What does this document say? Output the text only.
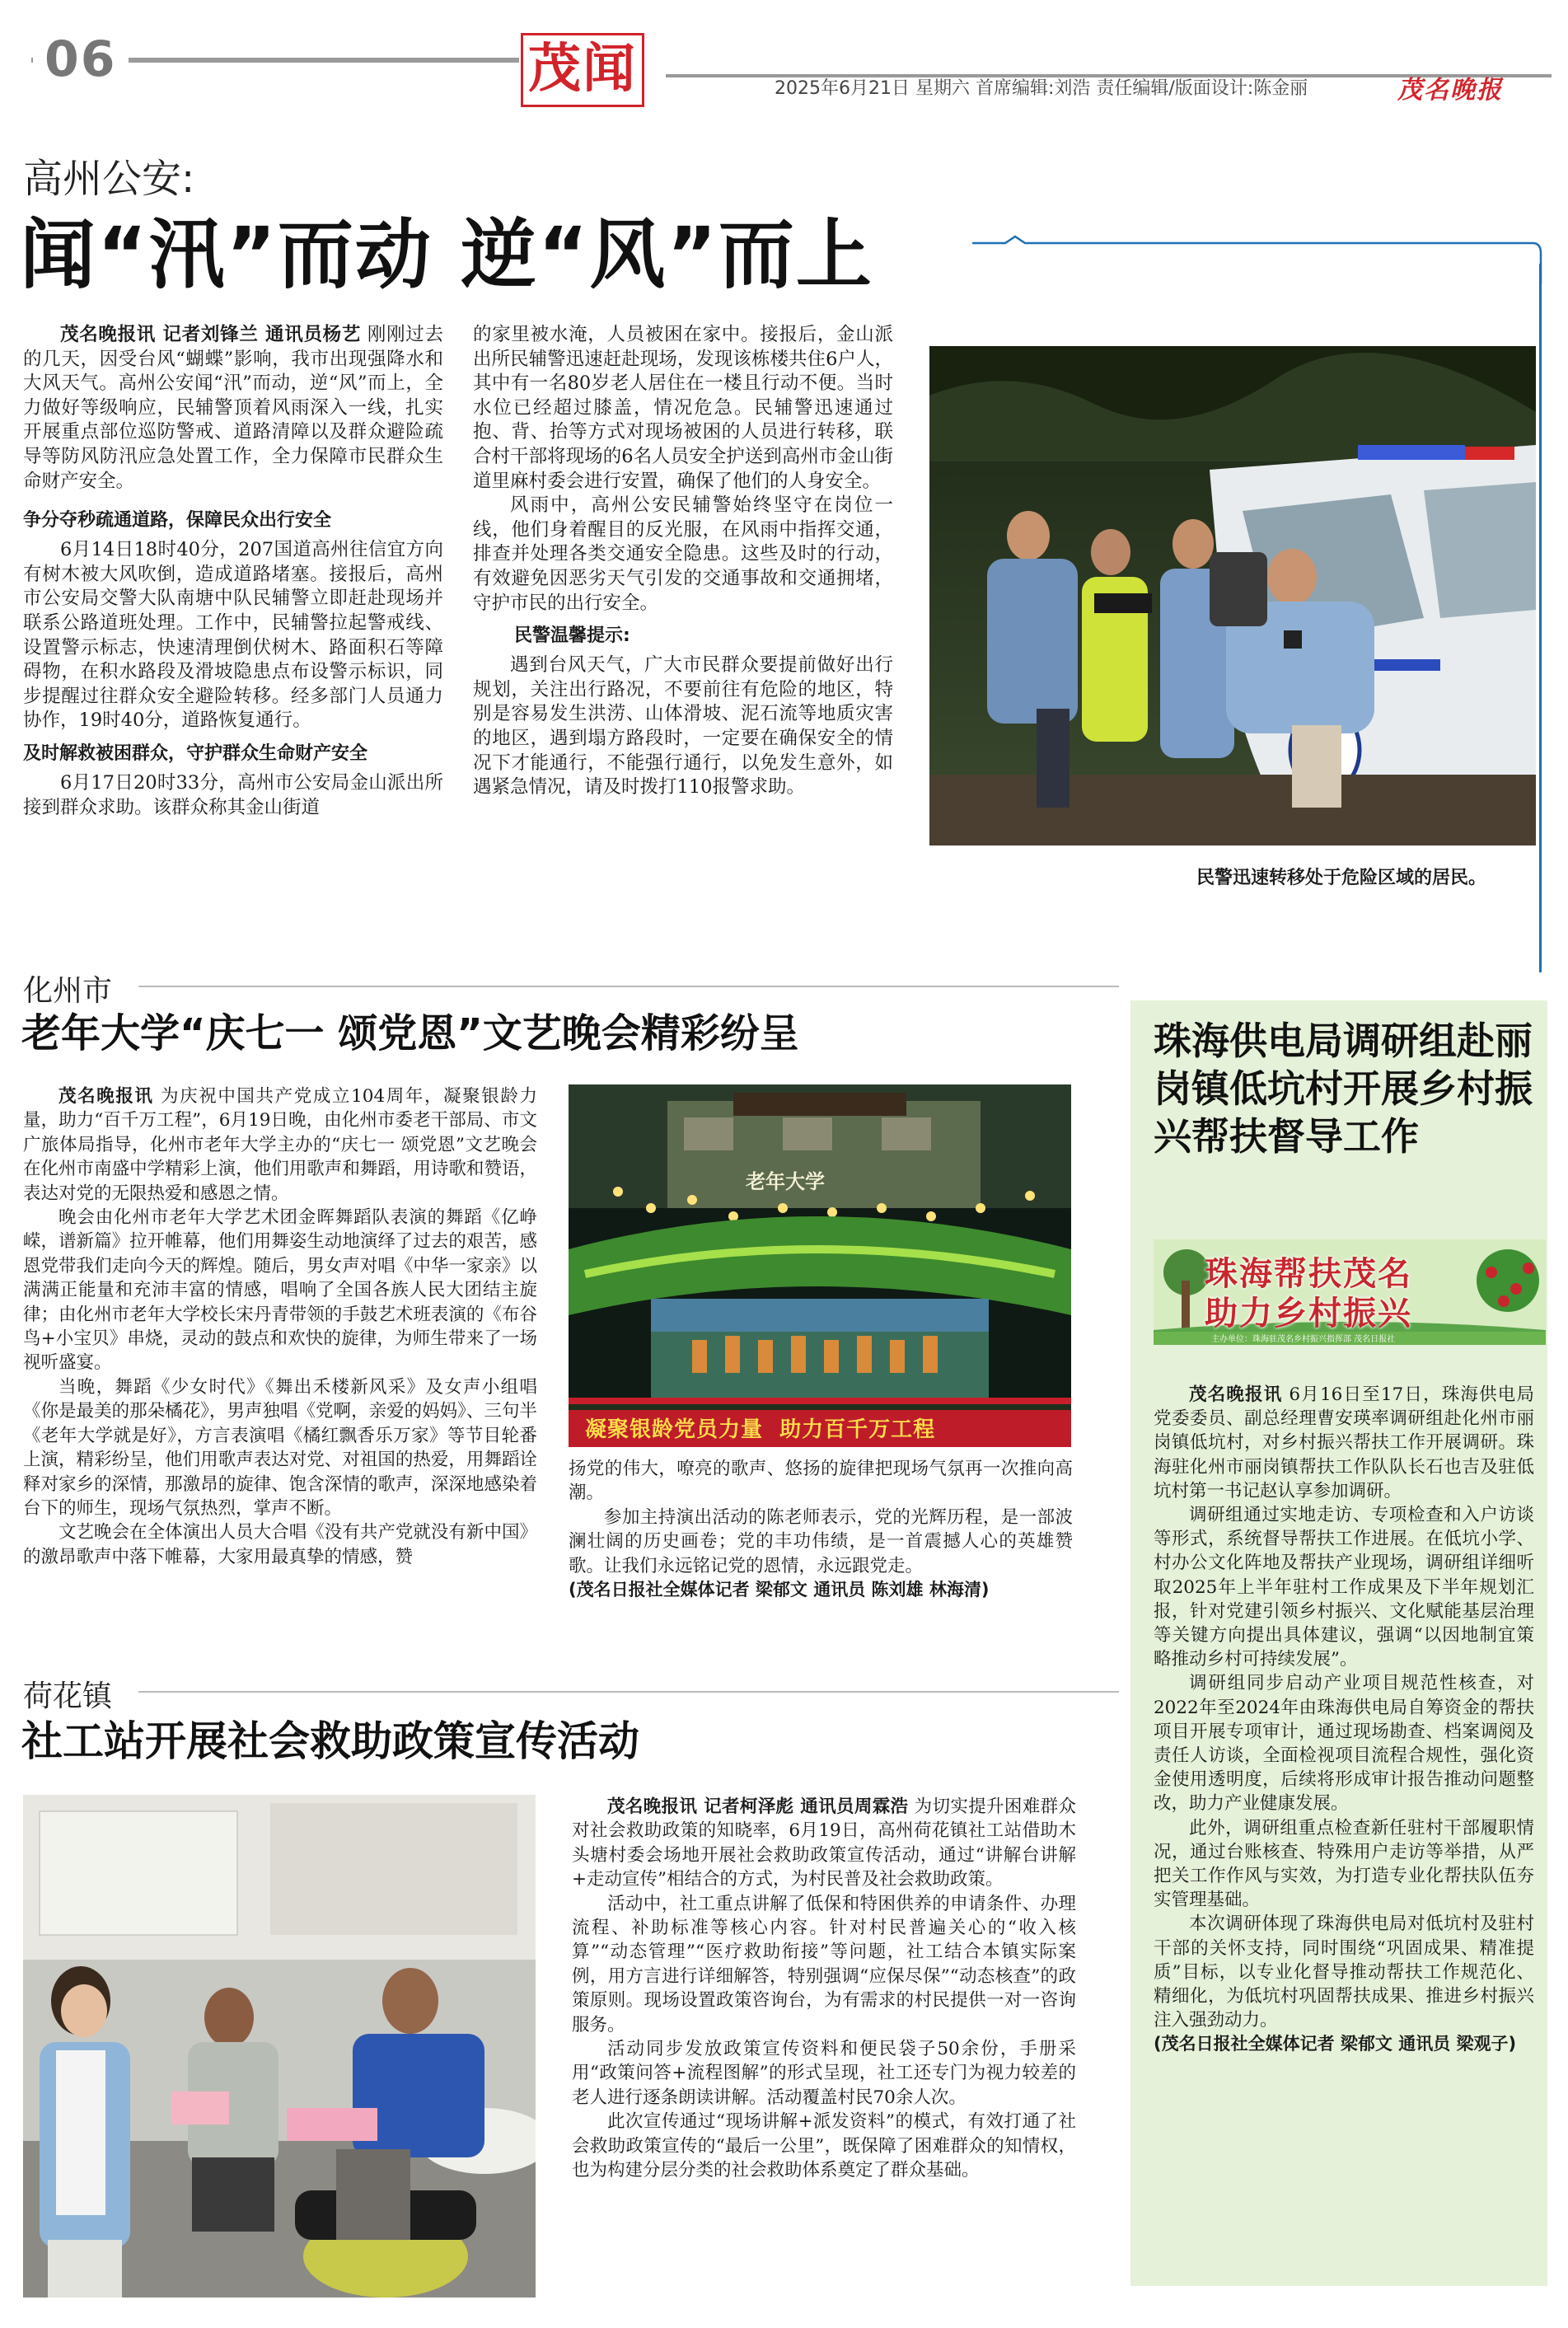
06	茂闻	2025年6月21日 星期六 首席编辑:刘浩 责任编辑/版面设计:陈金丽	茂名晚报
高州公安:
闻“汛”而动 逆“风”而上

茂名晚报讯 记者刘锋兰 通讯员杨艺 刚刚过去的几天，因受台风“蝴蝶”影响，我市出现强降水和大风天气。高州公安闻“汛”而动，逆“风”而上，全力做好等级响应，民辅警顶着风雨深入一线，扎实开展重点部位巡防警戒、道路清障以及群众避险疏导等防风防汛应急处置工作，全力保障市民群众生命财产安全。

争分夺秒疏通道路，保障民众出行安全

6月14日18时40分，207国道高州往信宜方向有树木被大风吹倒，造成道路堵塞。接报后，高州市公安局交警大队南塘中队民辅警立即赶赴现场并联系公路道班处理。工作中，民辅警拉起警戒线、设置警示标志，快速清理倒伏树木、路面积石等障碍物，在积水路段及滑坡隐患点布设警示标识，同步提醒过往群众安全避险转移。经多部门人员通力协作，19时40分，道路恢复通行。

及时解救被困群众，守护群众生命财产安全

6月17日20时33分，高州市公安局金山派出所接到群众求助。该群众称其金山街道

的家里被水淹，人员被困在家中。接报后，金山派出所民辅警迅速赶赴现场，发现该栋楼共住6户人，其中有一名80岁老人居住在一楼且行动不便。当时水位已经超过膝盖，情况危急。民辅警迅速通过抱、背、抬等方式对现场被困的人员进行转移，联合村干部将现场的6名人员安全护送到高州市金山街道里麻村委会进行安置，确保了他们的人身安全。

风雨中，高州公安民辅警始终坚守在岗位一线，他们身着醒目的反光服，在风雨中指挥交通，排查并处理各类交通安全隐患。这些及时的行动，有效避免因恶劣天气引发的交通事故和交通拥堵，守护市民的出行安全。

民警温馨提示:

遇到台风天气，广大市民群众要提前做好出行规划，关注出行路况，不要前往有危险的地区，特别是容易发生洪涝、山体滑坡、泥石流等地质灾害的地区，遇到塌方路段时，一定要在确保安全的情况下才能通行，不能强行通行，以免发生意外，如遇紧急情况，请及时拨打110报警求助。

民警迅速转移处于危险区域的居民。
化州市
老年大学“庆七一 颂党恩”文艺晚会精彩纷呈

茂名晚报讯 为庆祝中国共产党成立104周年，凝聚银龄力量，助力“百千万工程”，6月19日晚，由化州市委老干部局、市文广旅体局指导，化州市老年大学主办的“庆七一 颂党恩”文艺晚会在化州市南盛中学精彩上演，他们用歌声和舞蹈，用诗歌和赞语，表达对党的无限热爱和感恩之情。

晚会由化州市老年大学艺术团金晖舞蹈队表演的舞蹈《亿峥嵘，谱新篇》拉开帷幕，他们用舞姿生动地演绎了过去的艰苦，感恩党带我们走向今天的辉煌。随后，男女声对唱《中华一家亲》以满满正能量和充沛丰富的情感，唱响了全国各族人民大团结主旋律；由化州市老年大学校长宋丹青带领的手鼓艺术班表演的《布谷鸟+小宝贝》串烧，灵动的鼓点和欢快的旋律，为师生带来了一场视听盛宴。

当晚，舞蹈《少女时代》《舞出禾楼新风采》及女声小组唱《你是最美的那朵橘花》，男声独唱《党啊，亲爱的妈妈》、三句半《老年大学就是好》，方言表演唱《橘红飘香乐万家》等节目轮番上演，精彩纷呈，他们用歌声表达对党、对祖国的热爱，用舞蹈诠释对家乡的深情，那激昂的旋律、饱含深情的歌声，深深地感染着台下的师生，现场气氛热烈，掌声不断。

文艺晚会在全体演出人员大合唱《没有共产党就没有新中国》的激昂歌声中落下帷幕，大家用最真挚的情感，赞

老年大学
凝聚银龄党员力量  助力百千万工程

扬党的伟大，嘹亮的歌声、悠扬的旋律把现场气氛再一次推向高潮。

参加主持演出活动的陈老师表示，党的光辉历程，是一部波澜壮阔的历史画卷；党的丰功伟绩，是一首震撼人心的英雄赞歌。让我们永远铭记党的恩情，永远跟党走。

(茂名日报社全媒体记者 梁郁文 通讯员 陈刘雄 林海清)
荷花镇
社工站开展社会救助政策宣传活动

茂名晚报讯 记者柯泽彪 通讯员周霖浩 为切实提升困难群众对社会救助政策的知晓率，6月19日，高州荷花镇社工站借助木头塘村委会场地开展社会救助政策宣传活动，通过“讲解台讲解+走动宣传”相结合的方式，为村民普及社会救助政策。

活动中，社工重点讲解了低保和特困供养的申请条件、办理流程、补助标准等核心内容。针对村民普遍关心的“收入核算”“动态管理”“医疗救助衔接”等问题，社工结合本镇实际案例，用方言进行详细解答，特别强调“应保尽保”“动态核查”的政策原则。现场设置政策咨询台，为有需求的村民提供一对一咨询服务。

活动同步发放政策宣传资料和便民袋子50余份，手册采用“政策问答+流程图解”的形式呈现，社工还专门为视力较差的老人进行逐条朗读讲解。活动覆盖村民70余人次。

此次宣传通过“现场讲解+派发资料”的模式，有效打通了社会救助政策宣传的“最后一公里”，既保障了困难群众的知情权，也为构建分层分类的社会救助体系奠定了群众基础。

珠海供电局调研组赴丽岗镇低坑村开展乡村振兴帮扶督导工作
珠海帮扶茂名
助力乡村振兴
主办单位：珠海驻茂名乡村振兴指挥部 茂名日报社

茂名晚报讯 6月16日至17日，珠海供电局党委委员、副总经理曹安瑛率调研组赴化州市丽岗镇低坑村，对乡村振兴帮扶工作开展调研。珠海驻化州市丽岗镇帮扶工作队队长石也吉及驻低坑村第一书记赵认享参加调研。

调研组通过实地走访、专项检查和入户访谈等形式，系统督导帮扶工作进展。在低坑小学、村办公文化阵地及帮扶产业现场，调研组详细听取2025年上半年驻村工作成果及下半年规划汇报，针对党建引领乡村振兴、文化赋能基层治理等关键方向提出具体建议，强调“以因地制宜策略推动乡村可持续发展”。

调研组同步启动产业项目规范性核查，对2022年至2024年由珠海供电局自筹资金的帮扶项目开展专项审计，通过现场勘查、档案调阅及责任人访谈，全面检视项目流程合规性，强化资金使用透明度，后续将形成审计报告推动问题整改，助力产业健康发展。

此外，调研组重点检查新任驻村干部履职情况，通过台账核查、特殊用户走访等举措，从严把关工作作风与实效，为打造专业化帮扶队伍夯实管理基础。

本次调研体现了珠海供电局对低坑村及驻村干部的关怀支持，同时围绕“巩固成果、精准提质”目标，以专业化督导推动帮扶工作规范化、精细化，为低坑村巩固帮扶成果、推进乡村振兴注入强劲动力。

(茂名日报社全媒体记者 梁郁文 通讯员 梁观子)
